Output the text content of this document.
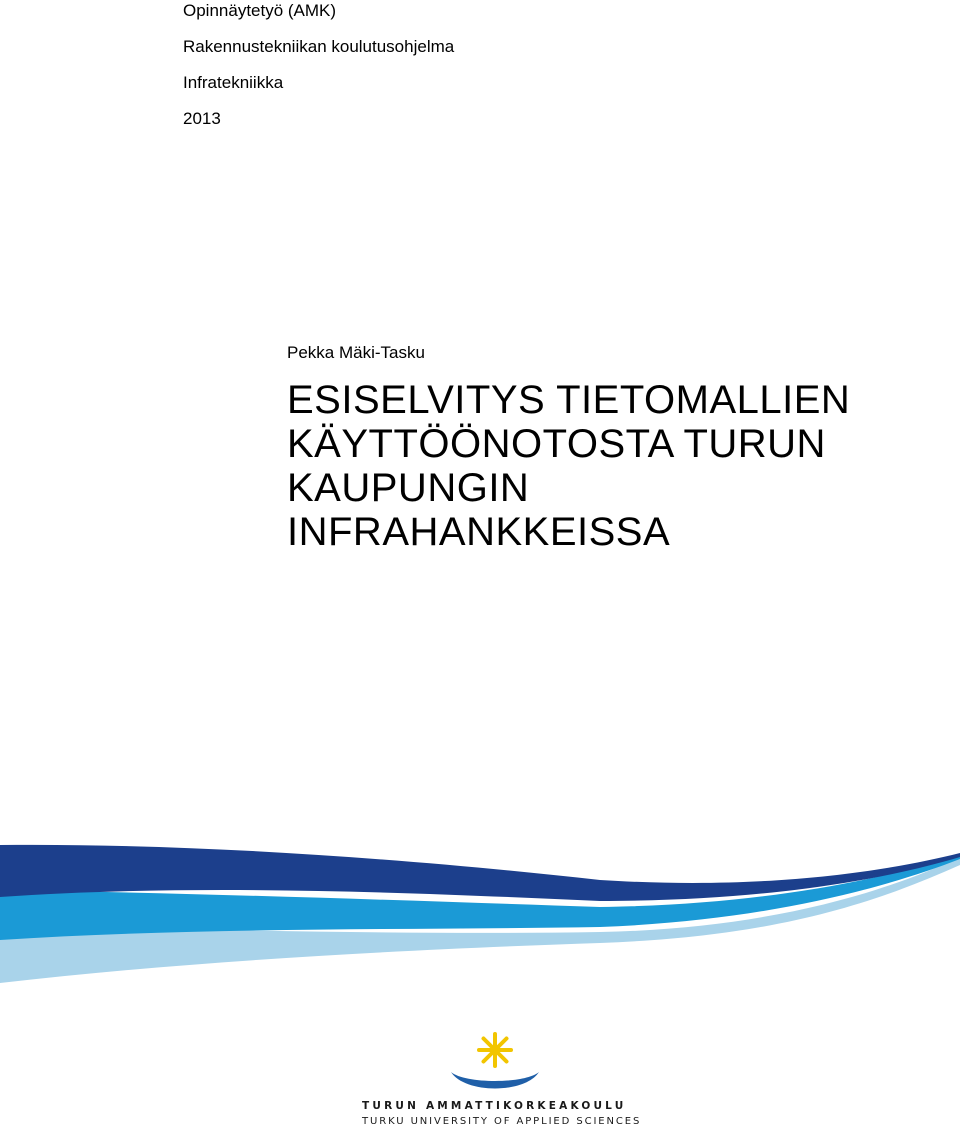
Opinnäytetyö (AMK)
Rakennustekniikan koulutusohjelma
Infratekniikka
2013
Pekka Mäki-Tasku
ESISELVITYS TIETOMALLIEN
KÄYTTÖÖNOTOSTA TURUN
KAUPUNGIN
INFRAHANKKEISSA
TURUN AMMATTIKORKEAKOULU
TURKU UNIVERSITY OF APPLIED SCIENCES
